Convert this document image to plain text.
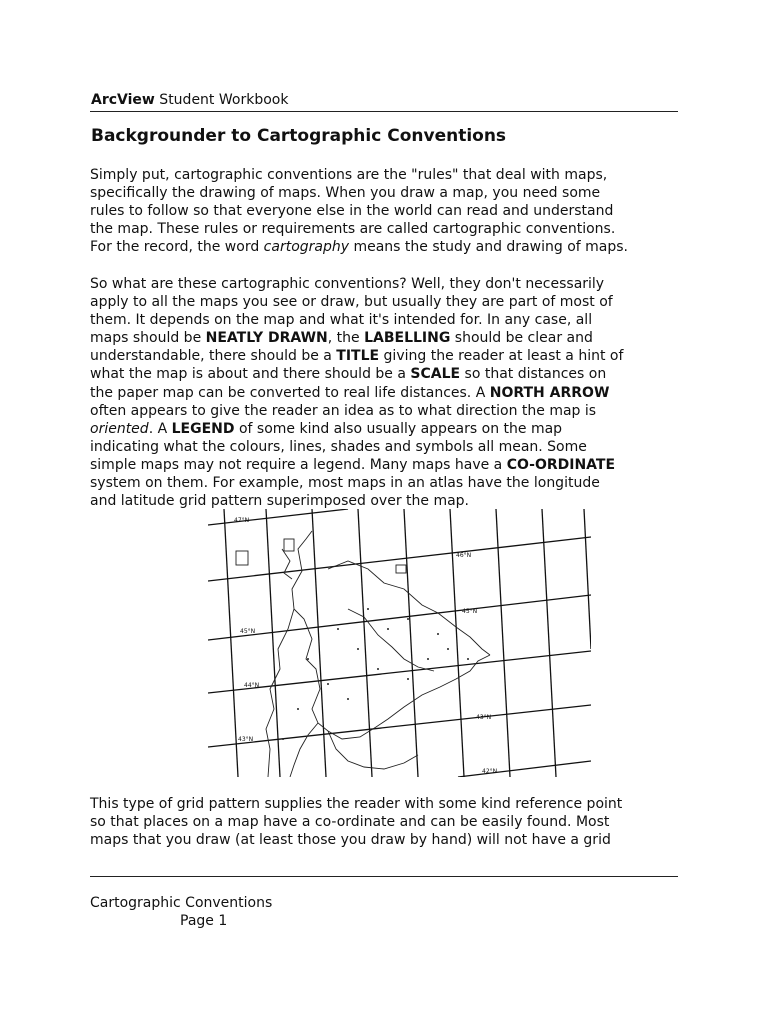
ArcView Student Workbook
Backgrounder to Cartographic Conventions
Simply put, cartographic conventions are the "rules" that deal with maps,
specifically the drawing of maps. When you draw a map, you need some
rules to follow so that everyone else in the world can read and understand
the map. These rules or requirements are called cartographic conventions.
For the record, the word cartography means the study and drawing of maps.
So what are these cartographic conventions? Well, they don't necessarily
apply to all the maps you see or draw, but usually they are part of most of
them. It depends on the map and what it's intended for. In any case, all
maps should be NEATLY DRAWN, the LABELLING should be clear and
understandable, there should be a TITLE giving the reader at least a hint of
what the map is about and there should be a SCALE so that distances on
the paper map can be converted to real life distances. A NORTH ARROW
often appears to give the reader an idea as to what direction the map is
oriented. A LEGEND of some kind also usually appears on the map
indicating what the colours, lines, shades and symbols all mean. Some
simple maps may not require a legend. Many maps have a CO-ORDINATE
system on them. For example, most maps in an atlas have the longitude
and latitude grid pattern superimposed over the map.
47°N
46°N
45°N
45°N
44°N
43°N
43°N
42°N
This type of grid pattern supplies the reader with some kind reference point
so that places on a map have a co-ordinate and can be easily found. Most
maps that you draw (at least those you draw by hand) will not have a grid
Cartographic Conventions
Page 1
